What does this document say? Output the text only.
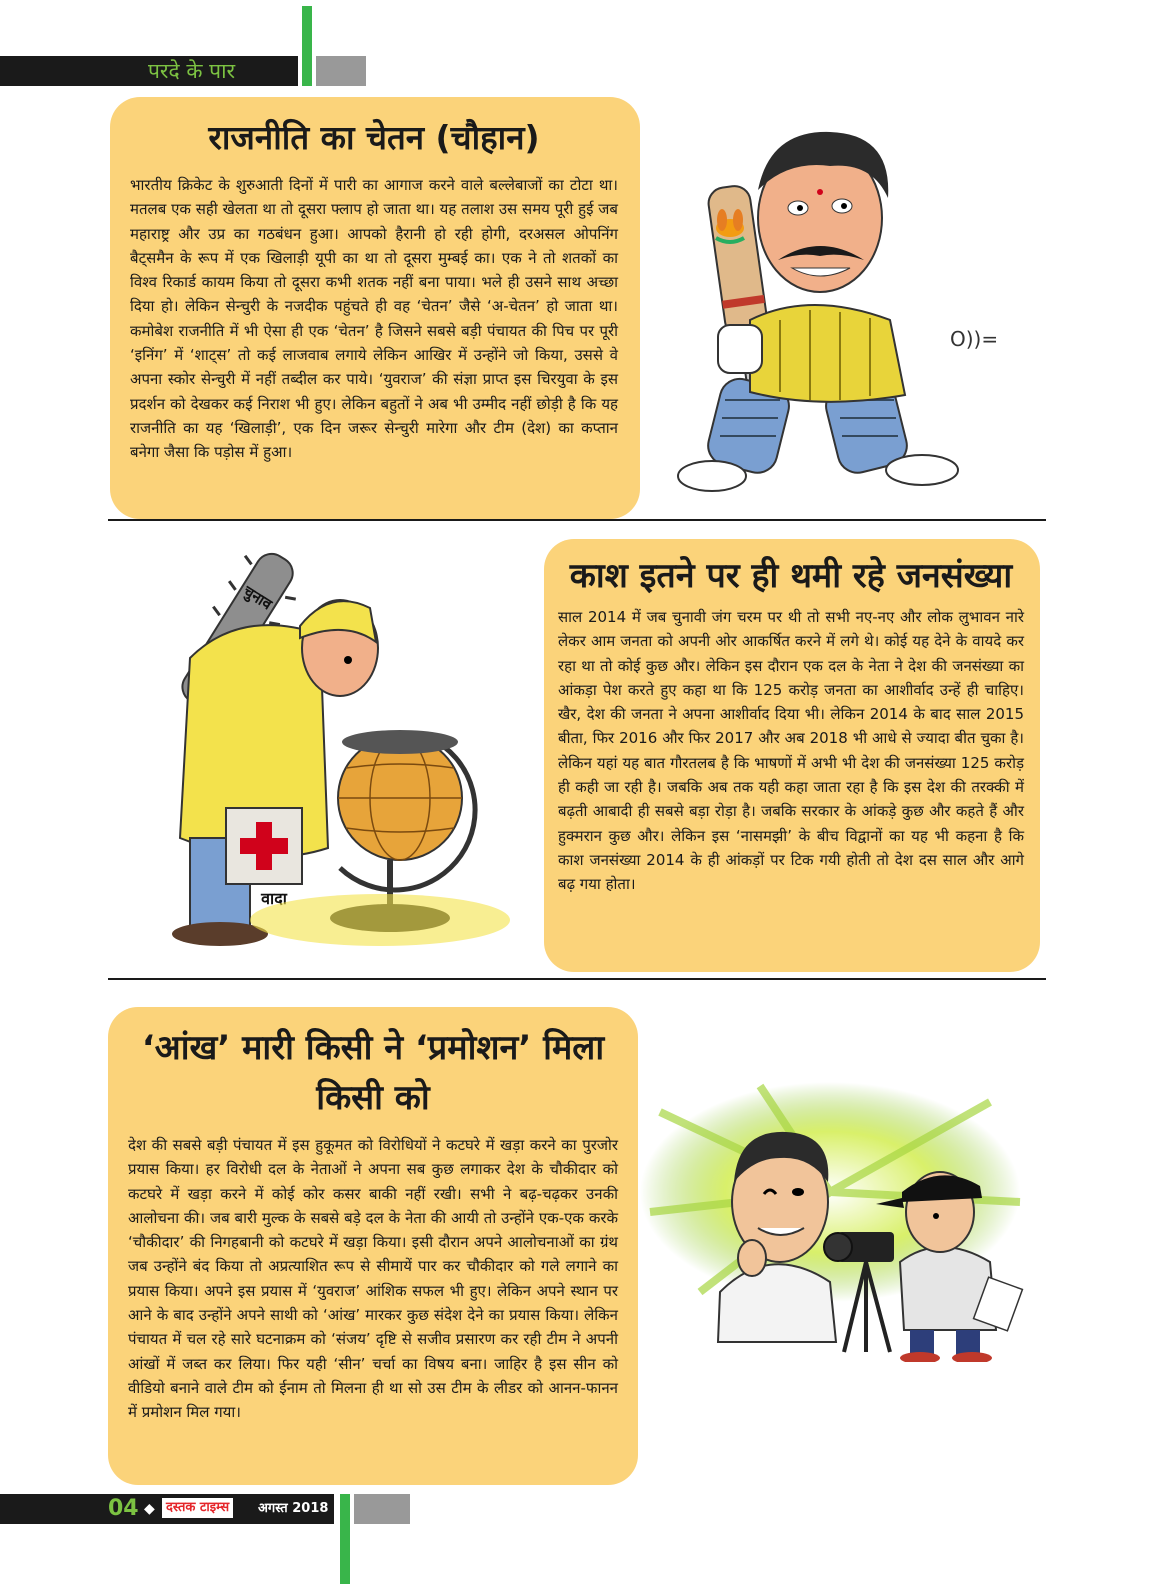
परदे के पार
राजनीति का चेतन (चौहान)

भारतीय क्रिकेट के शुरुआती दिनों में पारी का आगाज करने वाले बल्लेबाजों का टोटा था। मतलब एक सही खेलता था तो दूसरा फ्लाप हो जाता था। यह तलाश उस समय पूरी हुई जब महाराष्ट्र और उप्र का गठबंधन हुआ। आपको हैरानी हो रही होगी, दरअसल ओपनिंग बैट्समैन के रूप में एक खिलाड़ी यूपी का था तो दूसरा मुम्बई का। एक ने तो शतकों का विश्व रिकार्ड कायम किया तो दूसरा कभी शतक नहीं बना पाया। भले ही उसने साथ अच्छा दिया हो। लेकिन सेन्चुरी के नजदीक पहुंचते ही वह ‘चेतन’ जैसे ‘अ-चेतन’ हो जाता था। कमोबेश राजनीति में भी ऐसा ही एक ‘चेतन’ है जिसने सबसे बड़ी पंचायत की पिच पर पूरी ‘इनिंग’ में ‘शाट्स’ तो कई लाजवाब लगाये लेकिन आखिर में उन्होंने जो किया, उससे वे अपना स्कोर सेन्चुरी में नहीं तब्दील कर पाये। ‘युवराज’ की संज्ञा प्राप्त इस चिरयुवा के इस प्रदर्शन को देखकर कई निराश भी हुए। लेकिन बहुतों ने अब भी उम्मीद नहीं छोड़ी है कि यह राजनीति का यह ‘खिलाड़ी’, एक दिन जरूर सेन्चुरी मारेगा और टीम (देश) का कप्तान बनेगा जैसा कि पड़ोस में हुआ।

O))=
चुनाव
वादा
काश इतने पर ही थमी रहे जनसंख्या

साल 2014 में जब चुनावी जंग चरम पर थी तो सभी नए-नए और लोक लुभावन नारे लेकर आम जनता को अपनी ओर आकर्षित करने में लगे थे। कोई यह देने के वायदे कर रहा था तो कोई कुछ और। लेकिन इस दौरान एक दल के नेता ने देश की जनसंख्या का आंकड़ा पेश करते हुए कहा था कि 125 करोड़ जनता का आशीर्वाद उन्हें ही चाहिए। खैर, देश की जनता ने अपना आशीर्वाद दिया भी। लेकिन 2014 के बाद साल 2015 बीता, फिर 2016 और फिर 2017 और अब 2018 भी आधे से ज्यादा बीत चुका है। लेकिन यहां यह बात गौरतलब है कि भाषणों में अभी भी देश की जनसंख्या 125 करोड़ ही कही जा रही है। जबकि अब तक यही कहा जाता रहा है कि इस देश की तरक्की में बढ़ती आबादी ही सबसे बड़ा रोड़ा है। जबकि सरकार के आंकड़े कुछ और कहते हैं और हुक्मरान कुछ और। लेकिन इस ‘नासमझी’ के बीच विद्वानों का यह भी कहना है कि काश जनसंख्या 2014 के ही आंकड़ों पर टिक गयी होती तो देश दस साल और आगे बढ़ गया होता।

‘आंख’ मारी किसी ने ‘प्रमोशन’ मिला किसी को

देश की सबसे बड़ी पंचायत में इस हुकूमत को विरोधियों ने कटघरे में खड़ा करने का पुरजोर प्रयास किया। हर विरोधी दल के नेताओं ने अपना सब कुछ लगाकर देश के चौकीदार को कटघरे में खड़ा करने में कोई कोर कसर बाकी नहीं रखी। सभी ने बढ़-चढ़कर उनकी आलोचना की। जब बारी मुल्क के सबसे बड़े दल के नेता की आयी तो उन्होंने एक-एक करके ‘चौकीदार’ की निगहबानी को कटघरे में खड़ा किया। इसी दौरान अपने आलोचनाओं का ग्रंथ जब उन्होंने बंद किया तो अप्रत्याशित रूप से सीमायें पार कर चौकीदार को गले लगाने का प्रयास किया। अपने इस प्रयास में ‘युवराज’ आंशिक सफल भी हुए। लेकिन अपने स्थान पर आने के बाद उन्होंने अपने साथी को ‘आंख’ मारकर कुछ संदेश देने का प्रयास किया। लेकिन पंचायत में चल रहे सारे घटनाक्रम को ‘संजय’ दृष्टि से सजीव प्रसारण कर रही टीम ने अपनी आंखों में जब्त कर लिया। फिर यही ‘सीन’ चर्चा का विषय बना। जाहिर है इस सीन को वीडियो बनाने वाले टीम को ईनाम तो मिलना ही था सो उस टीम के लीडर को आनन-फानन में प्रमोशन मिल गया।

04 ◆ दस्तक टाइम्स	अगस्त 2018
